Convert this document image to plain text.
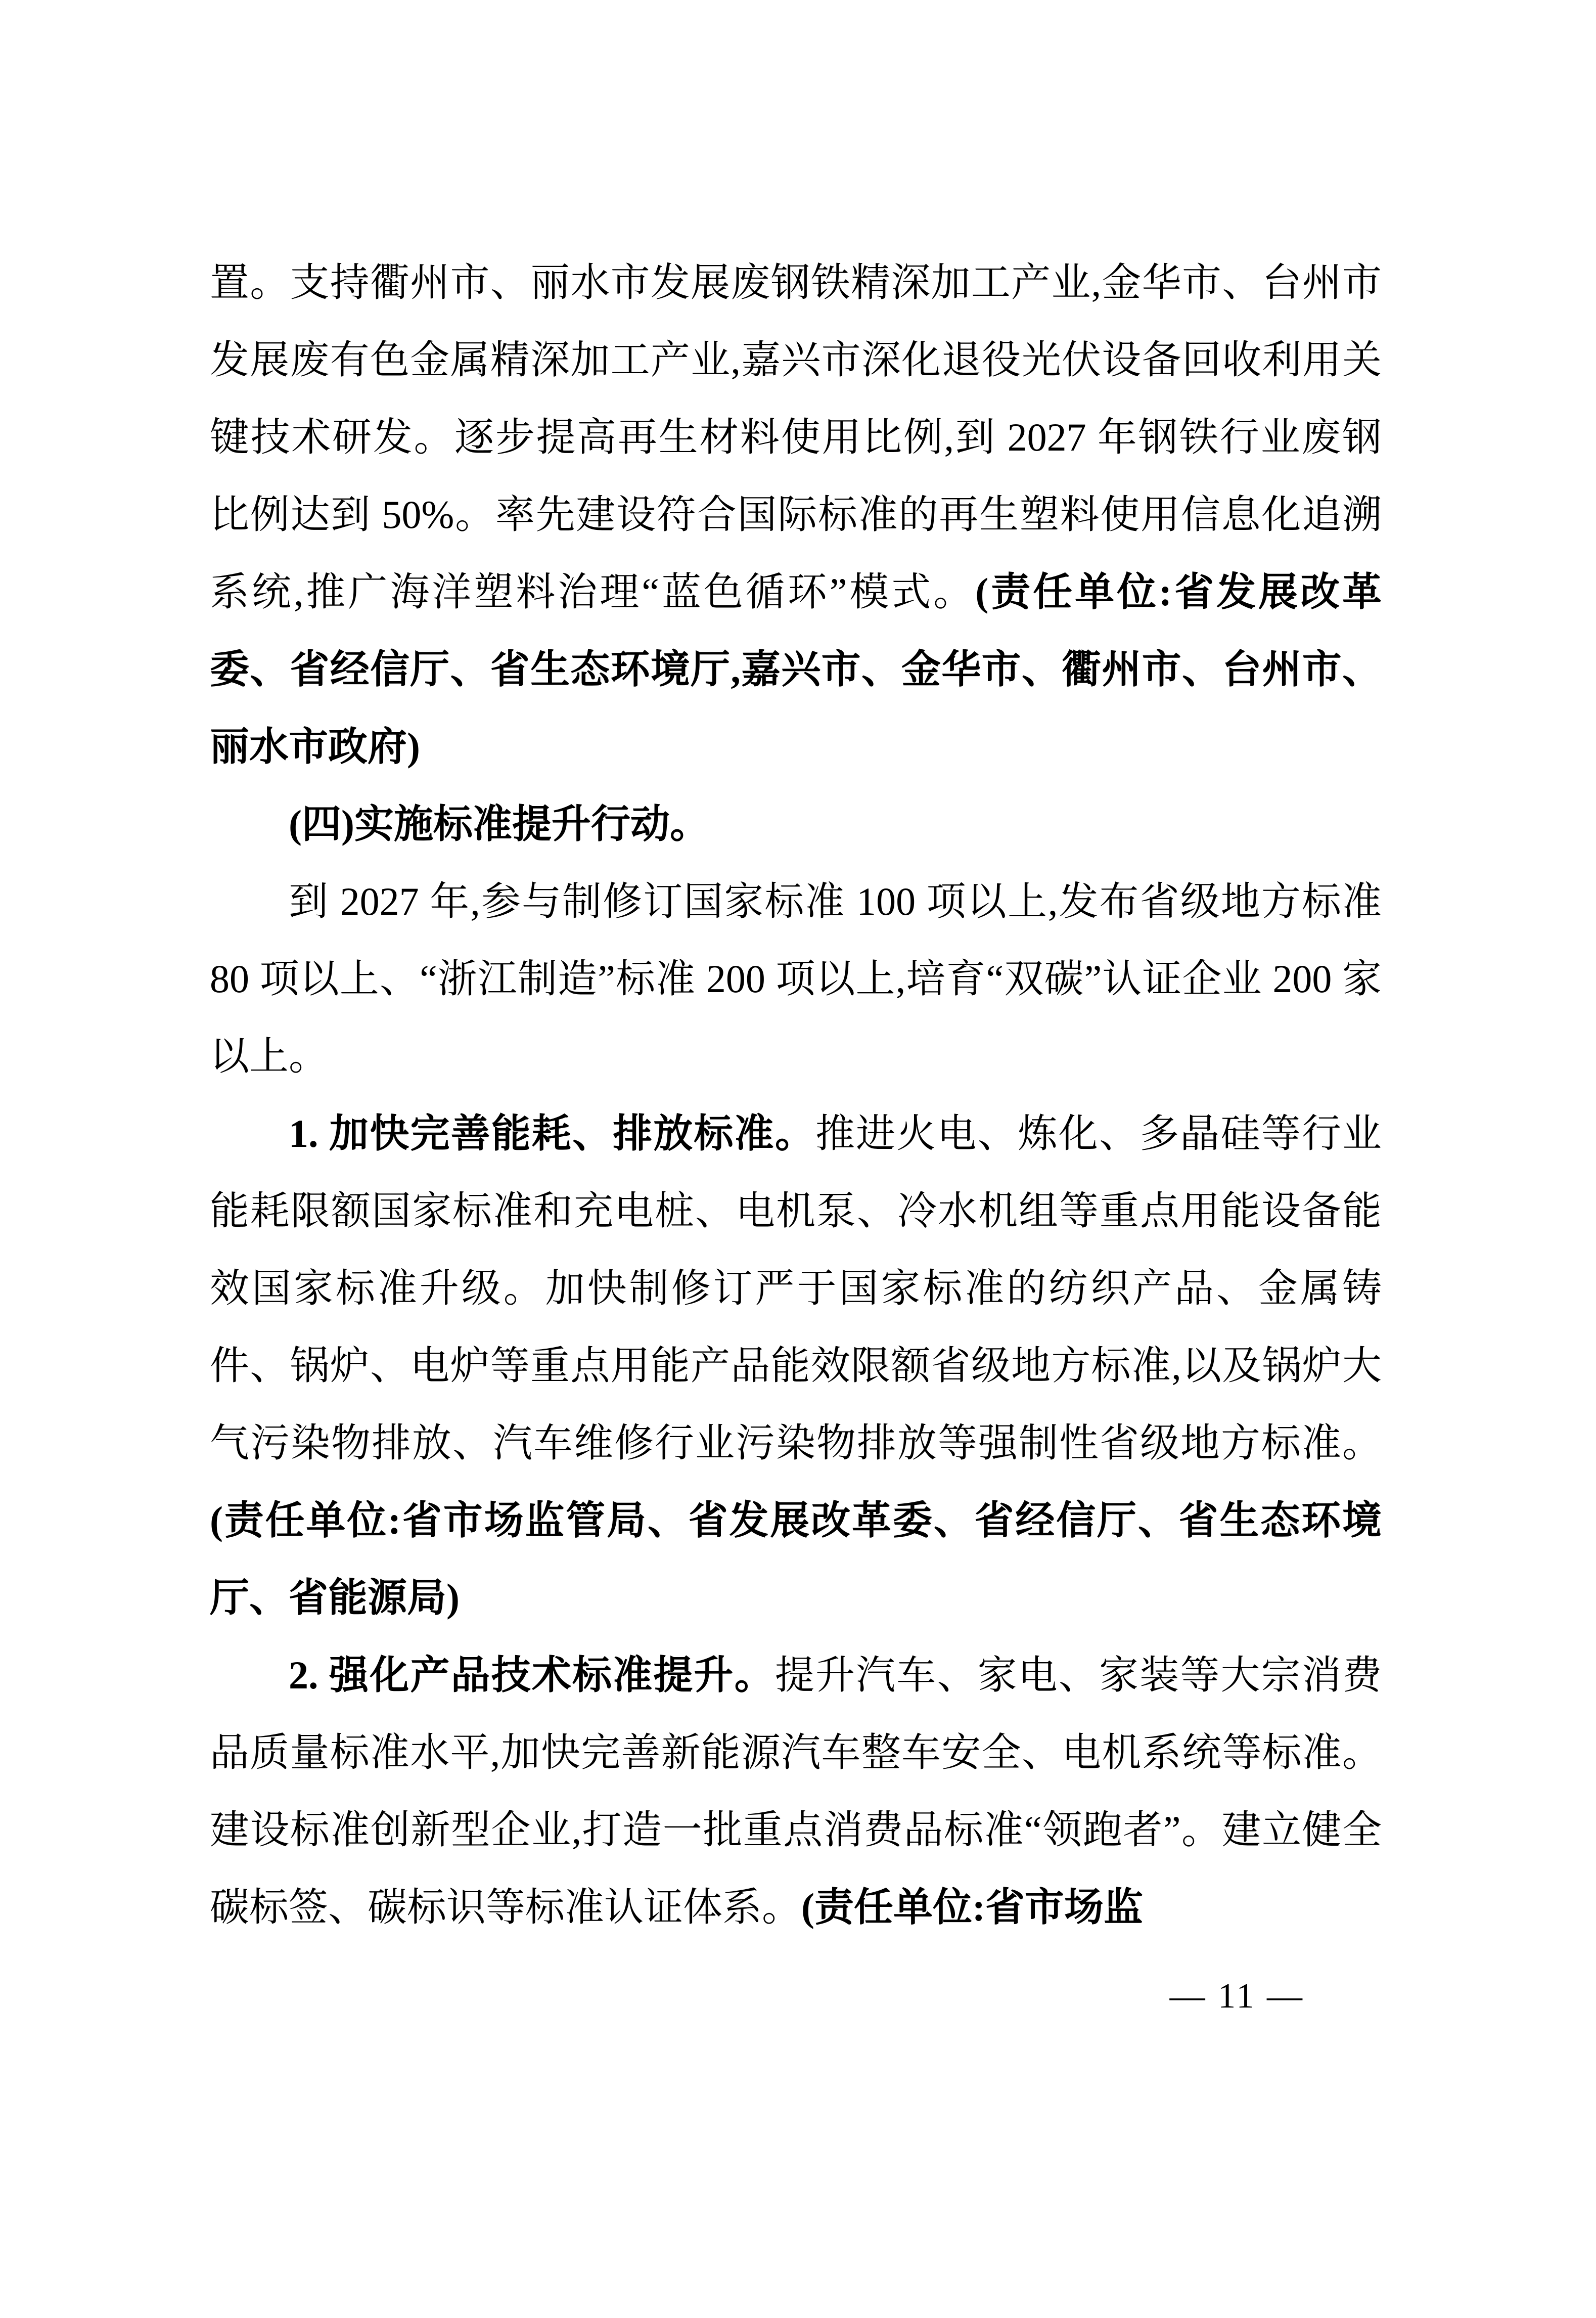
置。支持衢州市、丽水市发展废钢铁精深加工产业,金华市、台州市发展废有色金属精深加工产业,嘉兴市深化退役光伏设备回收利用关键技术研发。逐步提高再生材料使用比例,到 2027 年钢铁行业废钢比例达到 50%。率先建设符合国际标准的再生塑料使用信息化追溯系统,推广海洋塑料治理“蓝色循环”模式。(责任单位:省发展改革委、省经信厅、省生态环境厅,嘉兴市、金华市、衢州市、台州市、丽水市政府)

(四)实施标准提升行动。

到 2027 年,参与制修订国家标准 100 项以上,发布省级地方标准 80 项以上、“浙江制造”标准 200 项以上,培育“双碳”认证企业 200 家以上。

1. 加快完善能耗、排放标准。推进火电、炼化、多晶硅等行业能耗限额国家标准和充电桩、电机泵、冷水机组等重点用能设备能效国家标准升级。加快制修订严于国家标准的纺织产品、金属铸件、锅炉、电炉等重点用能产品能效限额省级地方标准,以及锅炉大气污染物排放、汽车维修行业污染物排放等强制性省级地方标准。(责任单位:省市场监管局、省发展改革委、省经信厅、省生态环境厅、省能源局)

2. 强化产品技术标准提升。提升汽车、家电、家装等大宗消费品质量标准水平,加快完善新能源汽车整车安全、电机系统等标准。建设标准创新型企业,打造一批重点消费品标准“领跑者”。建立健全碳标签、碳标识等标准认证体系。(责任单位:省市场监

— 11 —
